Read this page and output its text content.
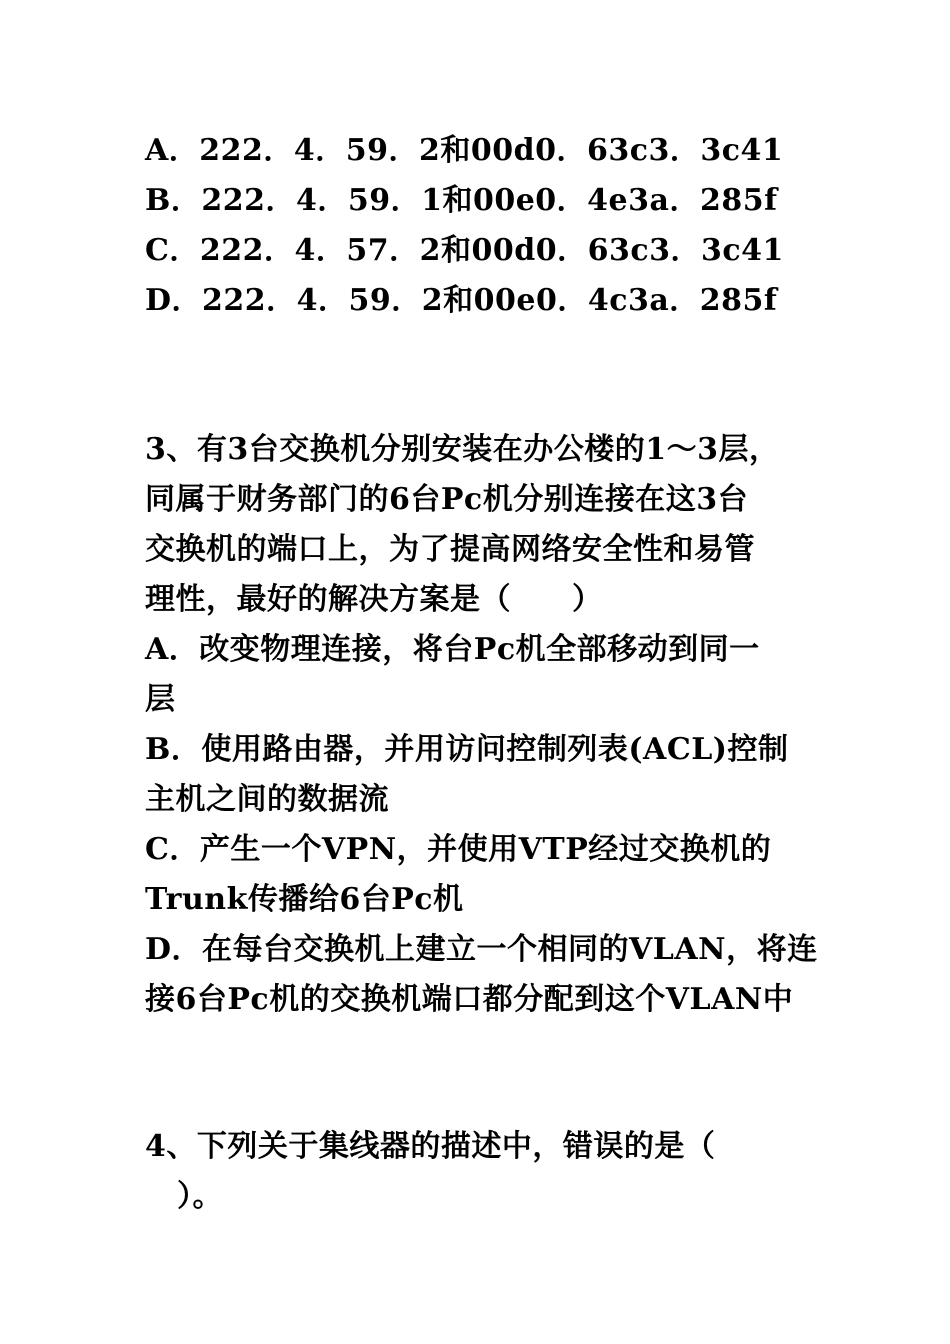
A．222．4．59．2和00d0．63c3．3c41
B．222．4．59．1和00e0．4e3a．285f
C．222．4．57．2和00d0．63c3．3c41
D．222．4．59．2和00e0．4c3a．285f
3、有3台交换机分别安装在办公楼的1～3层，
同属于财务部门的6台Pc机分别连接在这3台
交换机的端口上，为了提高网络安全性和易管
理性，最好的解决方案是（　　）
A．改变物理连接，将台Pc机全部移动到同一
层
B．使用路由器，并用访问控制列表(ACL)控制
主机之间的数据流
C．产生一个VPN，并使用VTP经过交换机的
Trunk传播给6台Pc机
D．在每台交换机上建立一个相同的VLAN，将连
接6台Pc机的交换机端口都分配到这个VLAN中
4、下列关于集线器的描述中，错误的是（
）。
